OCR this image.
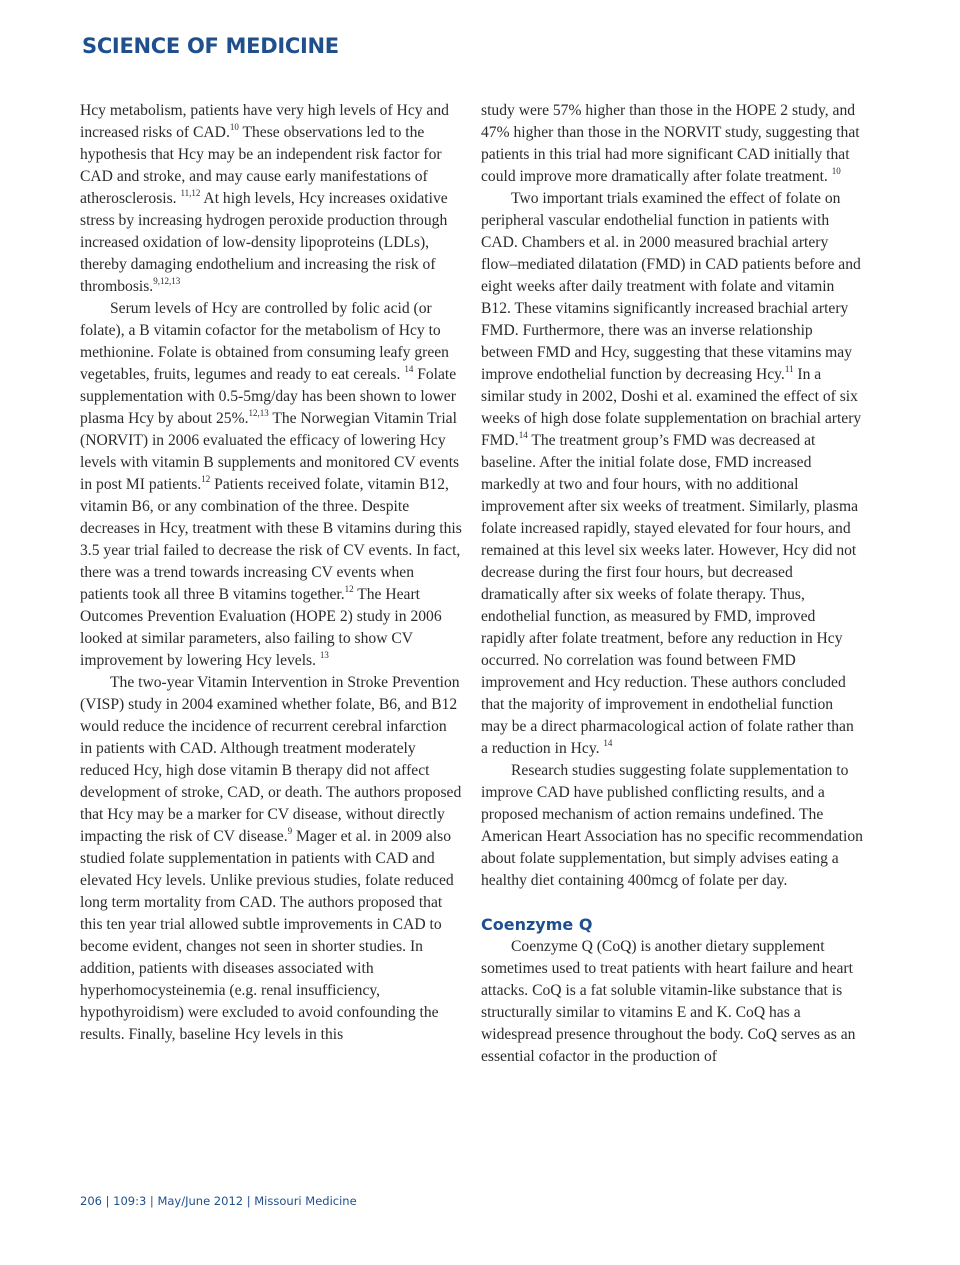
SCIENCE OF MEDICINE

Hcy metabolism, patients have very high levels of Hcy and increased risks of CAD.$^{10}$ These observations led to the hypothesis that Hcy may be an independent risk factor for CAD and stroke, and may cause early manifestations of atherosclerosis. $^{11,12}$ At high levels, Hcy increases oxidative stress by increasing hydrogen peroxide production through increased oxidation of low-density lipoproteins (LDLs), thereby damaging endothelium and increasing the risk of thrombosis.$^{9,12,13}$

Serum levels of Hcy are controlled by folic acid (or folate), a B vitamin cofactor for the metabolism of Hcy to methionine. Folate is obtained from consuming leafy green vegetables, fruits, legumes and ready to eat cereals. $^{14}$ Folate supplementation with 0.5-5mg/day has been shown to lower plasma Hcy by about 25%.$^{12,13}$ The Norwegian Vitamin Trial (NORVIT) in 2006 evaluated the efficacy of lowering Hcy levels with vitamin B supplements and monitored CV events in post MI patients.$^{12}$ Patients received folate, vitamin B12, vitamin B6, or any combination of the three. Despite decreases in Hcy, treatment with these B vitamins during this 3.5 year trial failed to decrease the risk of CV events. In fact, there was a trend towards increasing CV events when patients took all three B vitamins together.$^{12}$ The Heart Outcomes Prevention Evaluation (HOPE 2) study in 2006 looked at similar parameters, also failing to show CV improvement by lowering Hcy levels. $^{13}$

The two-year Vitamin Intervention in Stroke Prevention (VISP) study in 2004 examined whether folate, B6, and B12 would reduce the incidence of recurrent cerebral infarction in patients with CAD. Although treatment moderately reduced Hcy, high dose vitamin B therapy did not affect development of stroke, CAD, or death. The authors proposed that Hcy may be a marker for CV disease, without directly impacting the risk of CV disease.$^9$ Mager et al. in 2009 also studied folate supplementation in patients with CAD and elevated Hcy levels. Unlike previous studies, folate reduced long term mortality from CAD. The authors proposed that this ten year trial allowed subtle improvements in CAD to become evident, changes not seen in shorter studies. In addition, patients with diseases associated with hyperhomocysteinemia (e.g. renal insufficiency, hypothyroidism) were excluded to avoid confounding the results. Finally, baseline Hcy levels in this

study were 57% higher than those in the HOPE 2 study, and 47% higher than those in the NORVIT study, suggesting that patients in this trial had more significant CAD initially that could improve more dramatically after folate treatment. $^{10}$

Two important trials examined the effect of folate on peripheral vascular endothelial function in patients with CAD. Chambers et al. in 2000 measured brachial artery flow–mediated dilatation (FMD) in CAD patients before and eight weeks after daily treatment with folate and vitamin B12. These vitamins significantly increased brachial artery FMD. Furthermore, there was an inverse relationship between FMD and Hcy, suggesting that these vitamins may improve endothelial function by decreasing Hcy.$^{11}$ In a similar study in 2002, Doshi et al. examined the effect of six weeks of high dose folate supplementation on brachial artery FMD.$^{14}$ The treatment group’s FMD was decreased at baseline. After the initial folate dose, FMD increased markedly at two and four hours, with no additional improvement after six weeks of treatment. Similarly, plasma folate increased rapidly, stayed elevated for four hours, and remained at this level six weeks later. However, Hcy did not decrease during the first four hours, but decreased dramatically after six weeks of folate therapy. Thus, endothelial function, as measured by FMD, improved rapidly after folate treatment, before any reduction in Hcy occurred. No correlation was found between FMD improvement and Hcy reduction. These authors concluded that the majority of improvement in endothelial function may be a direct pharmacological action of folate rather than a reduction in Hcy. $^{14}$

Research studies suggesting folate supplementation to improve CAD have published conflicting results, and a proposed mechanism of action remains undefined. The American Heart Association has no specific recommendation about folate supplementation, but simply advises eating a healthy diet containing 400mcg of folate per day.

Coenzyme Q

Coenzyme Q (CoQ) is another dietary supplement sometimes used to treat patients with heart failure and heart attacks. CoQ is a fat soluble vitamin-like substance that is structurally similar to vitamins E and K. CoQ has a widespread presence throughout the body. CoQ serves as an essential cofactor in the production of

206 | 109:3 | May/June 2012 | Missouri Medicine
